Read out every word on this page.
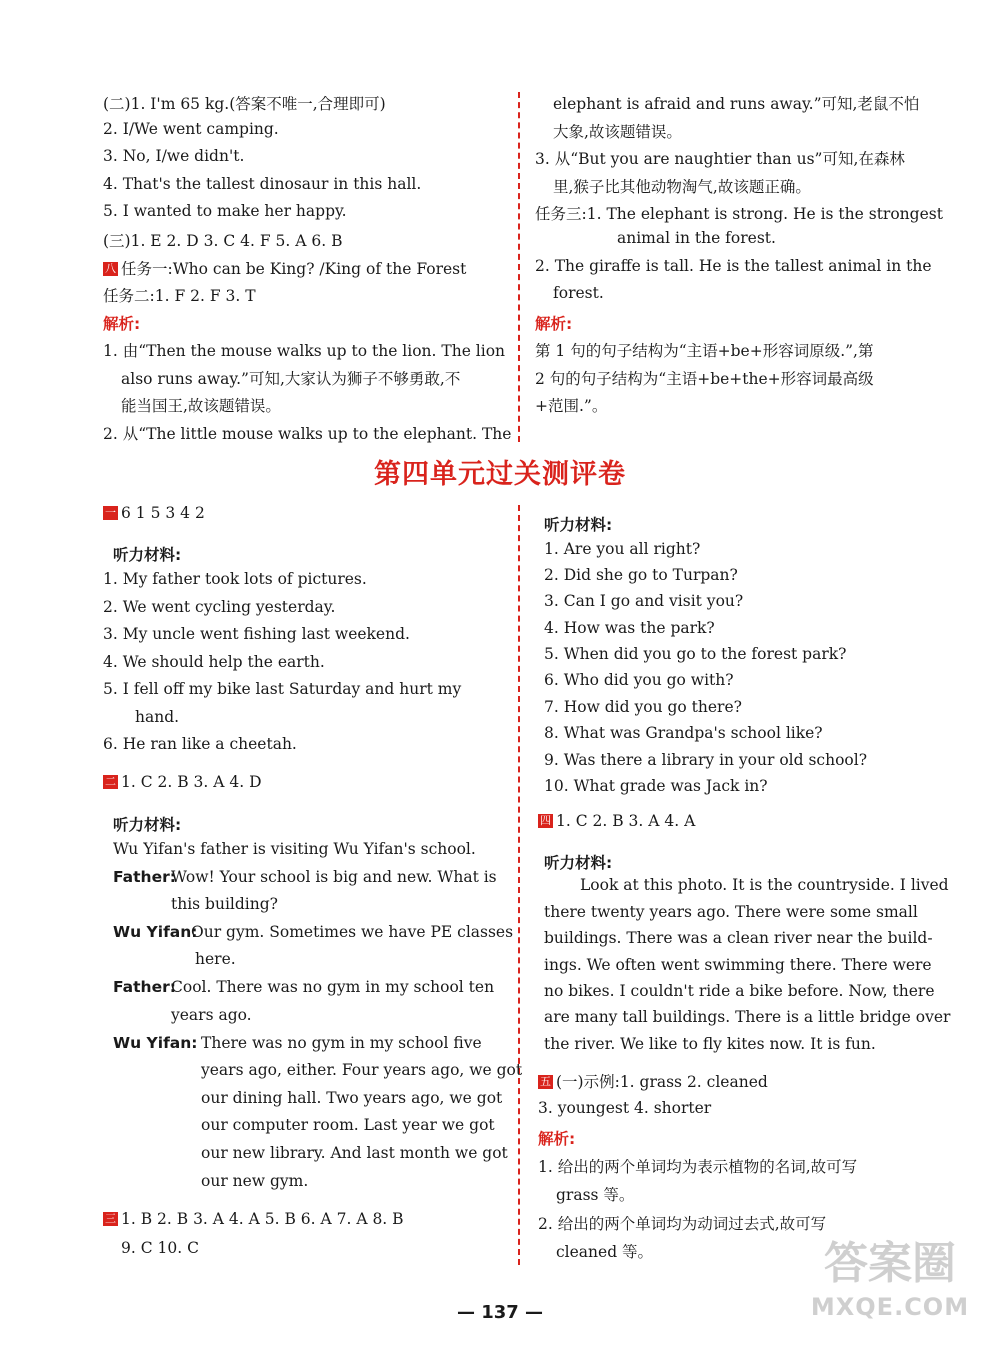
(二)1. I'm 65 kg.(答案不唯一,合理即可)
2. I/We went camping.
3. No, I/we didn't.
4. That's the tallest dinosaur in this hall.
5. I wanted to make her happy.
(三)1. E 2. D 3. C 4. F 5. A 6. B
八 任务一:Who can be King? /King of the Forest
任务二:1. F 2. F 3. T
解析:
1. 由“Then the mouse walks up to the lion. The lion
also runs away.”可知,大家认为狮子不够勇敢,不
能当国王,故该题错误。
2. 从“The little mouse walks up to the elephant. The
elephant is afraid and runs away.”可知,老鼠不怕
大象,故该题错误。
3. 从“But you are naughtier than us”可知,在森林
里,猴子比其他动物淘气,故该题正确。
任务三:1. The elephant is strong. He is the strongest
animal in the forest.
2. The giraffe is tall. He is the tallest animal in the
forest.
解析:
第 1 句的句子结构为“主语+be+形容词原级.”,第
2 句的句子结构为“主语+be+the+形容词最高级
+范围.”。
第四单元过关测评卷
一 6 1 5 3 4 2
听力材料:
1. My father took lots of pictures.
2. We went cycling yesterday.
3. My uncle went fishing last weekend.
4. We should help the earth.
5. I fell off my bike last Saturday and hurt my
hand.
6. He ran like a cheetah.
二 1. C 2. B 3. A 4. D
听力材料:
Wu Yifan's father is visiting Wu Yifan's school.
Father:
Wow! Your school is big and new. What is
this building?
Wu Yifan:
Our gym. Sometimes we have PE classes
here.
Father:
Cool. There was no gym in my school ten
years ago.
Wu Yifan: There was no gym in my school five
years ago, either. Four years ago, we got
our dining hall. Two years ago, we got
our computer room. Last year we got
our new library. And last month we got
our new gym.
三 1. B 2. B 3. A 4. A 5. B 6. A 7. A 8. B
9. C 10. C
听力材料:
1. Are you all right?
2. Did she go to Turpan?
3. Can I go and visit you?
4. How was the park?
5. When did you go to the forest park?
6. Who did you go with?
7. How did you go there?
8. What was Grandpa's school like?
9. Was there a library in your old school?
10. What grade was Jack in?
四 1. C 2. B 3. A 4. A
听力材料:
Look at this photo. It is the countryside. I lived
there twenty years ago. There were some small
buildings. There was a clean river near the build-
ings. We often went swimming there. There were
no bikes. I couldn't ride a bike before. Now, there
are many tall buildings. There is a little bridge over
the river. We like to fly kites now. It is fun.
五 (一)示例:1. grass 2. cleaned
3. youngest 4. shorter
解析:
1. 给出的两个单词均为表示植物的名词,故可写
grass 等。
2. 给出的两个单词均为动词过去式,故可写
cleaned 等。
— 137 —
答案圈
MXQE.COM
